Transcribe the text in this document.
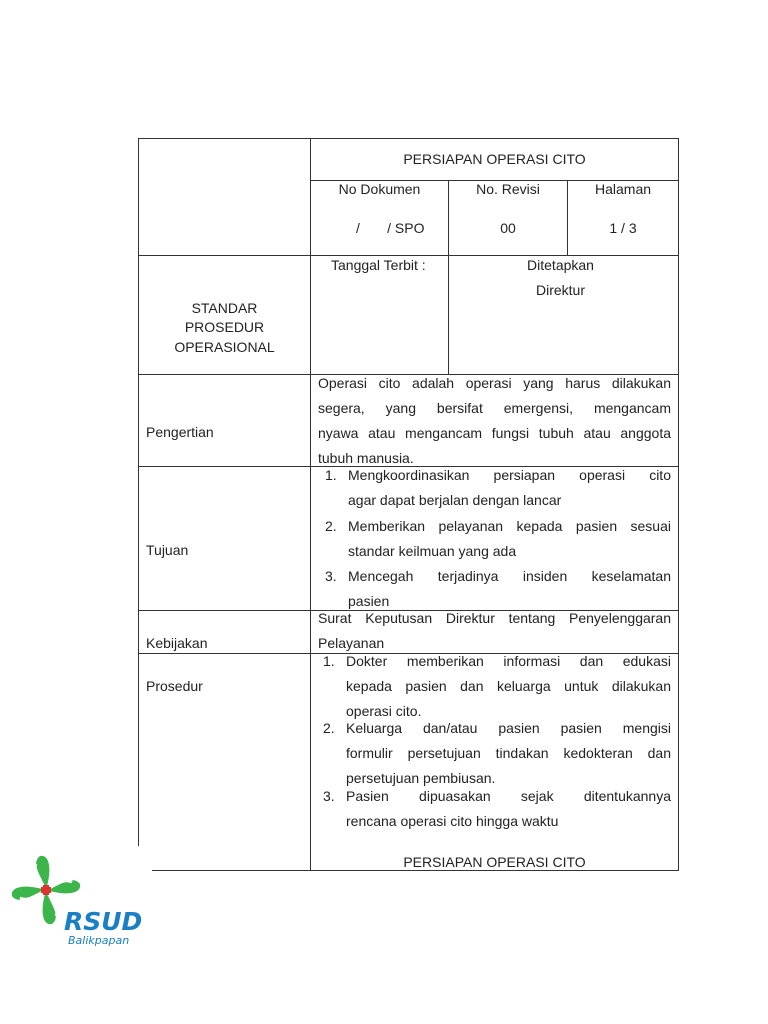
PERSIAPAN OPERASI CITO
No Dokumen
/       / SPO
No. Revisi
00
Halaman
1 / 3
Tanggal Terbit :	Ditetapkan
Direktur
STANDAR
PROSEDUR
OPERASIONAL
Pengertian
Operasi cito adalah operasi yang harus dilakukan
segera, yang bersifat emergensi, mengancam
nyawa atau mengancam fungsi tubuh atau anggota
tubuh manusia.
Tujuan
1. Mengkoordinasikan persiapan operasi cito
agar dapat berjalan dengan lancar
2. Memberikan pelayanan kepada pasien sesuai
standar keilmuan yang ada
3. Mencegah terjadinya insiden keselamatan
pasien
Kebijakan
Surat Keputusan Direktur tentang Penyelenggaran
Pelayanan
Prosedur
1. Dokter memberikan informasi dan edukasi
kepada pasien dan keluarga untuk dilakukan
operasi cito.
2. Keluarga dan/atau pasien pasien mengisi
formulir persetujuan tindakan kedokteran dan
persetujuan pembiusan.
3. Pasien dipuasakan sejak ditentukannya
rencana operasi cito hingga waktu
PERSIAPAN OPERASI CITO
RSUD
Balikpapan
